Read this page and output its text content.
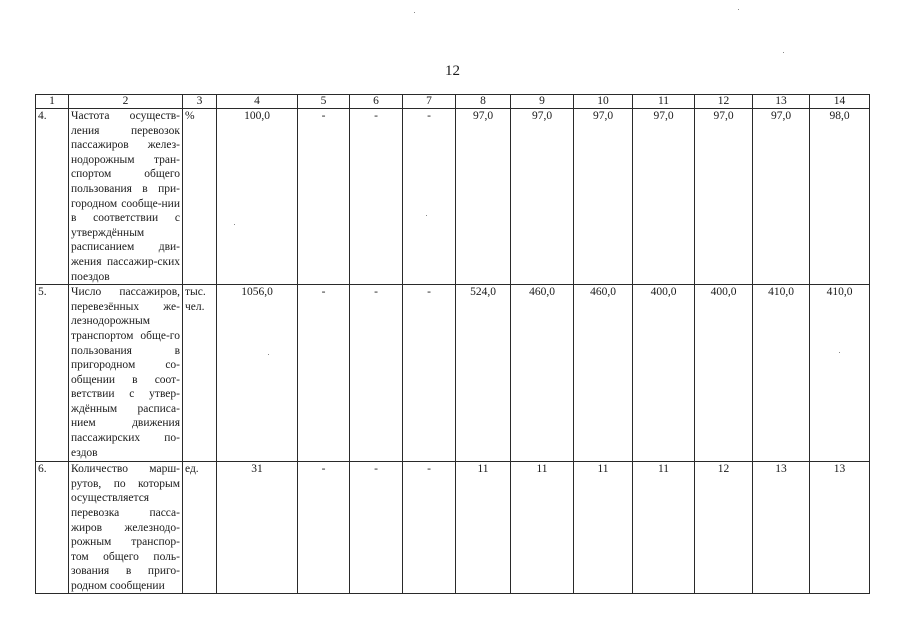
12
1	2	3	4	5	6	7	8	9	10	11	12	13	14
4.	Частота осуществ-ления перевозок пассажиров желез-нодорожным тран-спортом общего пользования в при-городном сообще-нии в соответствии с утверждённым расписанием дви-жения пассажир-ских поездов	%	100,0	-	-	-	97,0	97,0	97,0	97,0	97,0	97,0	98,0
5.	Число пассажиров, перевезённых же-лезнодорожным транспортом обще-го пользования в пригородном со-общении в соот-ветствии с утвер-ждённым расписа-нием движения пассажирских по-ездов	тыс. чел.	1056,0	-	-	-	524,0	460,0	460,0	400,0	400,0	410,0	410,0
6.	Количество марш-рутов, по которым осуществляется перевозка пасса-жиров железнодо-рожным транспор-том общего поль-зования в приго-родном сообщении	ед.	31	-	-	-	11	11	11	11	12	13	13
